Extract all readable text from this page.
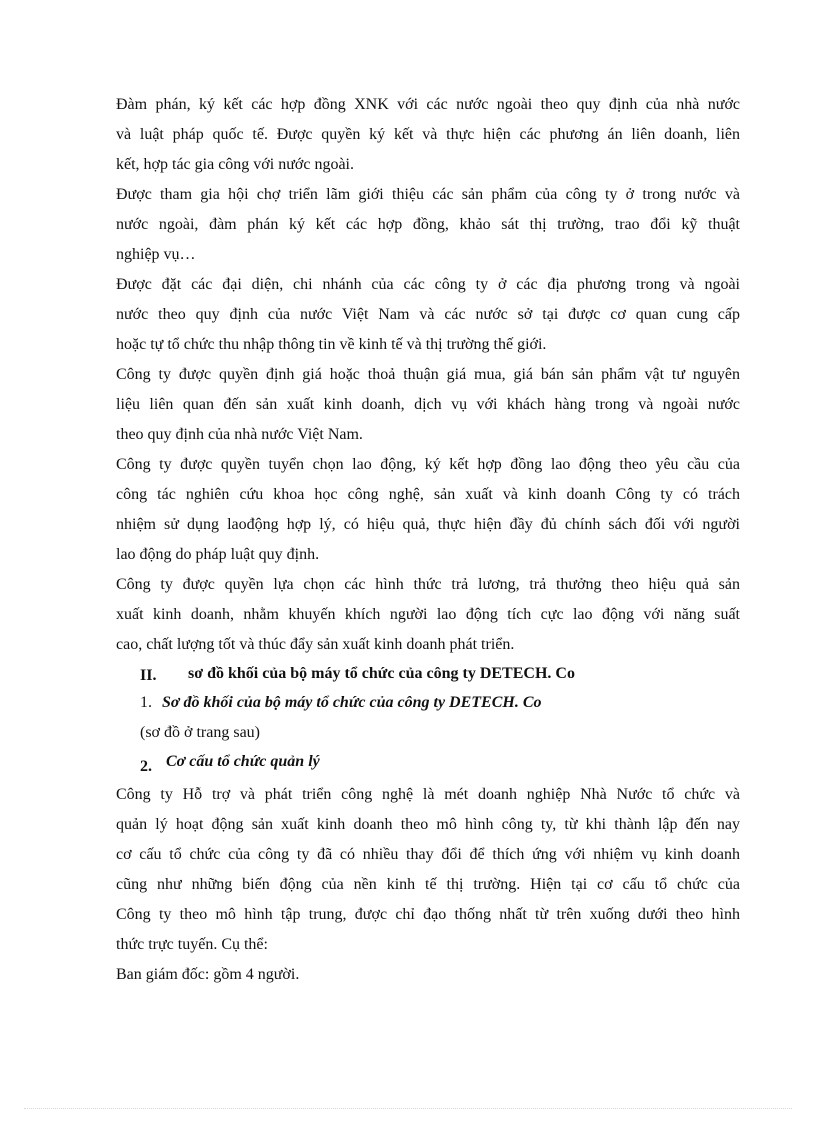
Đàm phán, ký kết các hợp đồng XNK với các nước ngoài theo quy định của nhà nước
và luật pháp quốc tế. Được quyền ký kết và thực hiện các phương án liên doanh, liên
kết, hợp tác gia công với nước ngoài.
Được tham gia hội chợ triển lãm giới thiệu các sản phẩm của công ty ở trong nước và
nước ngoài, đàm phán ký kết các hợp đồng, khảo sát thị trường, trao đổi kỹ thuật
nghiệp vụ…
Được đặt các đại diện, chi nhánh của các công ty ở các địa phương trong và ngoài
nước theo quy định của nước Việt Nam và các nước sở tại được cơ quan cung cấp
hoặc tự tổ chức thu nhập thông tin về kinh tế và thị trường thế giới.
Công ty được quyền định giá hoặc thoả thuận giá mua, giá bán sản phẩm vật tư nguyên
liệu liên quan đến sản xuất kinh doanh, dịch vụ với khách hàng trong và ngoài nước
theo quy định của nhà nước Việt Nam.
Công ty được quyền tuyển chọn lao động, ký kết hợp đồng lao động theo yêu cầu của
công tác nghiên cứu khoa học công nghệ, sản xuất và kinh doanh Công ty có trách
nhiệm sử dụng laođộng hợp lý, có hiệu quả, thực hiện đầy đủ chính sách đối với người
lao động do pháp luật quy định.
Công ty được quyền lựa chọn các hình thức trả lương, trả thưởng theo hiệu quả sản
xuất kinh doanh, nhằm khuyến khích người lao động tích cực lao động với năng suất
cao, chất lượng tốt và thúc đẩy sản xuất kinh doanh phát triển.
II. sơ đồ khối của bộ máy tổ chức của công ty DETECH. Co
1. Sơ đồ khối của bộ máy tổ chức của công ty DETECH. Co
(sơ đồ ở trang sau)
2. Cơ cấu tổ chức quản lý
Công ty Hỗ trợ và phát triển công nghệ là mét doanh nghiệp Nhà Nước tổ chức và
quản lý hoạt động sản xuất kinh doanh theo mô hình công ty, từ khi thành lập đến nay
cơ cấu tổ chức của công ty đã có nhiều thay đổi để thích ứng với nhiệm vụ kinh doanh
cũng như những biến động của nền kinh tế thị trường. Hiện tại cơ cấu tổ chức của
Công ty theo mô hình tập trung, được chỉ đạo thống nhất từ trên xuống dưới theo hình
thức trực tuyến. Cụ thể:
Ban giám đốc: gồm 4 người.
